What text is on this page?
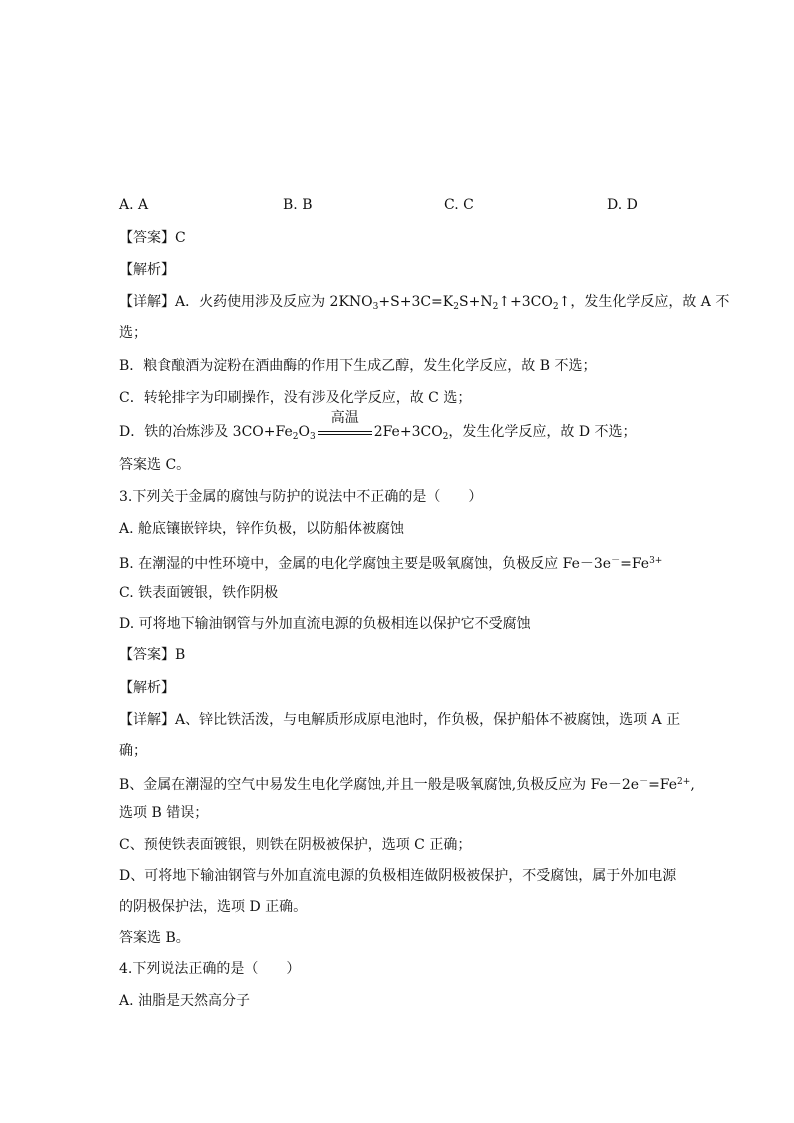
A. A	B. B	C. C	D. D
【答案】C
【解析】
【详解】A．火药使用涉及反应为 $2KNO_3+S+3C=K_2S+N_2↑+3CO_2↑$，发生化学反应，故 A 不
选；
B．粮食酿酒为淀粉在酒曲酶的作用下生成乙醇，发生化学反应，故 B 不选；
C．转轮排字为印刷操作，没有涉及化学反应，故 C 选；
D．铁的冶炼涉及 $3CO+Fe_2O_3$
高温
$2Fe+3CO_2$，发生化学反应，故 D 不选；
答案选 C。
3.下列关于金属的腐蚀与防护的说法中不正确的是（　　）
A. 舱底镶嵌锌块，锌作负极，以防船体被腐蚀
B. 在潮湿的中性环境中，金属的电化学腐蚀主要是吸氧腐蚀，负极反应 $Fe-3e^-=Fe^{3+}$
C. 铁表面镀银，铁作阴极
D. 可将地下输油钢管与外加直流电源的负极相连以保护它不受腐蚀
【答案】B
【解析】
【详解】A、锌比铁活泼，与电解质形成原电池时，作负极，保护船体不被腐蚀，选项 A 正
确；
B、金属在潮湿的空气中易发生电化学腐蚀,并且一般是吸氧腐蚀,负极反应为 $Fe-2e^-=Fe^{2+}$,
选项 B 错误；
C、预使铁表面镀银，则铁在阴极被保护，选项 C 正确；
D、可将地下输油钢管与外加直流电源的负极相连做阴极被保护，不受腐蚀，属于外加电源
的阴极保护法，选项 D 正确。
答案选 B。
4.下列说法正确的是（　　）
A. 油脂是天然高分子
